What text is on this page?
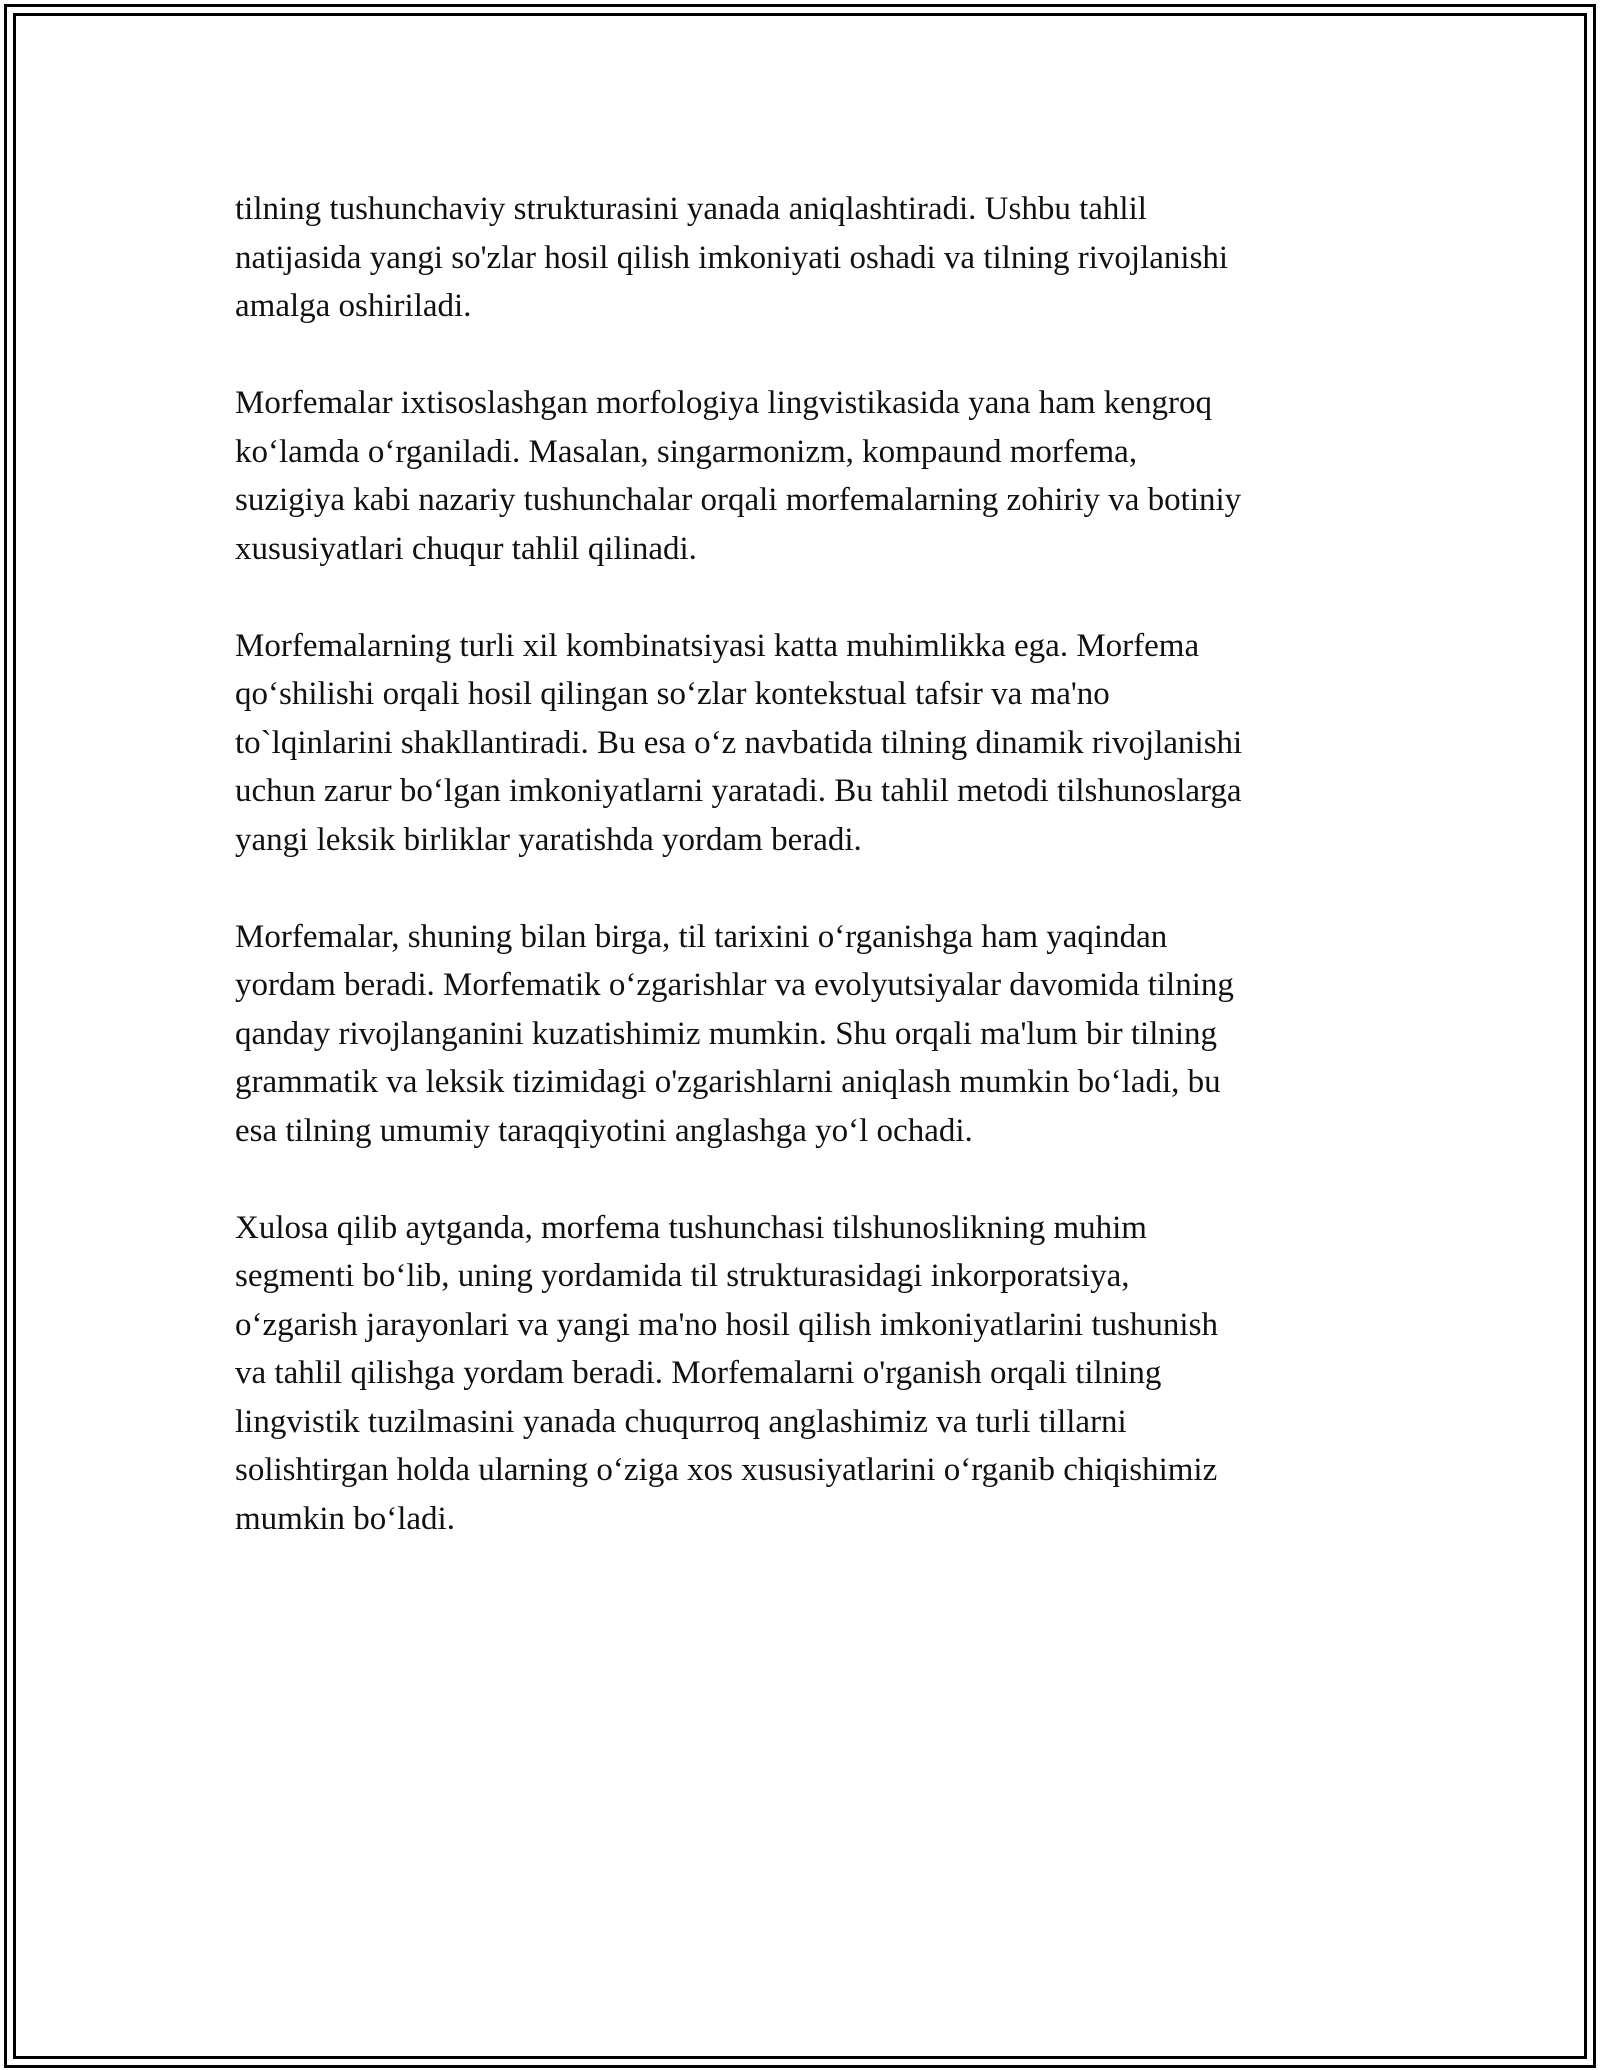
tilning tushunchaviy strukturasini yanada aniqlashtiradi. Ushbu tahlil
natijasida yangi so'zlar hosil qilish imkoniyati oshadi va tilning rivojlanishi
amalga oshiriladi.

Morfemalar ixtisoslashgan morfologiya lingvistikasida yana ham kengroq
ko‘lamda o‘rganiladi. Masalan, singarmonizm, kompaund morfema,
suzigiya kabi nazariy tushunchalar orqali morfemalarning zohiriy va botiniy
xususiyatlari chuqur tahlil qilinadi.

Morfemalarning turli xil kombinatsiyasi katta muhimlikka ega. Morfema
qo‘shilishi orqali hosil qilingan so‘zlar kontekstual tafsir va ma'no
to`lqinlarini shakllantiradi. Bu esa o‘z navbatida tilning dinamik rivojlanishi
uchun zarur bo‘lgan imkoniyatlarni yaratadi. Bu tahlil metodi tilshunoslarga
yangi leksik birliklar yaratishda yordam beradi.

Morfemalar, shuning bilan birga, til tarixini o‘rganishga ham yaqindan
yordam beradi. Morfematik o‘zgarishlar va evolyutsiyalar davomida tilning
qanday rivojlanganini kuzatishimiz mumkin. Shu orqali ma'lum bir tilning
grammatik va leksik tizimidagi o'zgarishlarni aniqlash mumkin bo‘ladi, bu
esa tilning umumiy taraqqiyotini anglashga yo‘l ochadi.

Xulosa qilib aytganda, morfema tushunchasi tilshunoslikning muhim
segmenti bo‘lib, uning yordamida til strukturasidagi inkorporatsiya,
o‘zgarish jarayonlari va yangi ma'no hosil qilish imkoniyatlarini tushunish
va tahlil qilishga yordam beradi. Morfemalarni o'rganish orqali tilning
lingvistik tuzilmasini yanada chuqurroq anglashimiz va turli tillarni
solishtirgan holda ularning o‘ziga xos xususiyatlarini o‘rganib chiqishimiz
mumkin bo‘ladi.
